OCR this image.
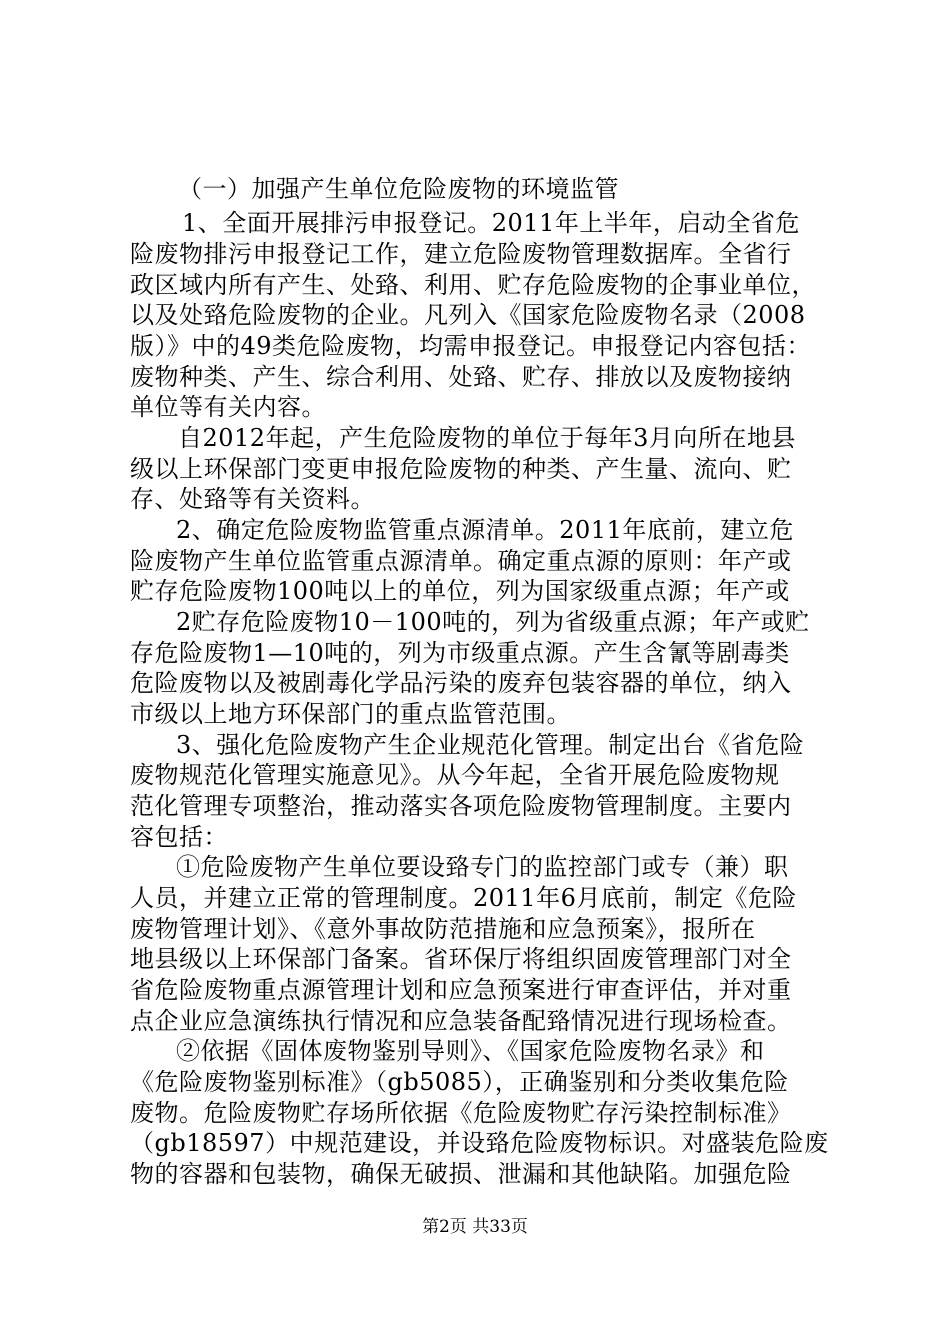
（一）加强产生单位危险废物的环境监管
1、全面开展排污申报登记。2011年上半年，启动全省危
险废物排污申报登记工作，建立危险废物管理数据库。全省行
政区域内所有产生、处臵、利用、贮存危险废物的企事业单位，
以及处臵危险废物的企业。凡列入《国家危险废物名录（2008
版）》中的49类危险废物，均需申报登记。申报登记内容包括：
废物种类、产生、综合利用、处臵、贮存、排放以及废物接纳
单位等有关内容。
自2012年起，产生危险废物的单位于每年3月向所在地县
级以上环保部门变更申报危险废物的种类、产生量、流向、贮
存、处臵等有关资料。
2、确定危险废物监管重点源清单。2011年底前，建立危
险废物产生单位监管重点源清单。确定重点源的原则：年产或
贮存危险废物100吨以上的单位，列为国家级重点源；年产或
2贮存危险废物10－100吨的，列为省级重点源；年产或贮
存危险废物1—10吨的，列为市级重点源。产生含氰等剧毒类
危险废物以及被剧毒化学品污染的废弃包装容器的单位，纳入
市级以上地方环保部门的重点监管范围。
3、强化危险废物产生企业规范化管理。制定出台《省危险
废物规范化管理实施意见》。从今年起，全省开展危险废物规
范化管理专项整治，推动落实各项危险废物管理制度。主要内
容包括：
①危险废物产生单位要设臵专门的监控部门或专（兼）职
人员，并建立正常的管理制度。2011年6月底前，制定《危险
废物管理计划》、《意外事故防范措施和应急预案》，报所在
地县级以上环保部门备案。省环保厅将组织固废管理部门对全
省危险废物重点源管理计划和应急预案进行审查评估，并对重
点企业应急演练执行情况和应急装备配臵情况进行现场检查。
②依据《固体废物鉴别导则》、《国家危险废物名录》和
《危险废物鉴别标准》（gb5085），正确鉴别和分类收集危险
废物。危险废物贮存场所依据《危险废物贮存污染控制标准》
（gb18597）中规范建设，并设臵危险废物标识。对盛装危险废
物的容器和包装物，确保无破损、泄漏和其他缺陷。加强危险
第2页 共33页
